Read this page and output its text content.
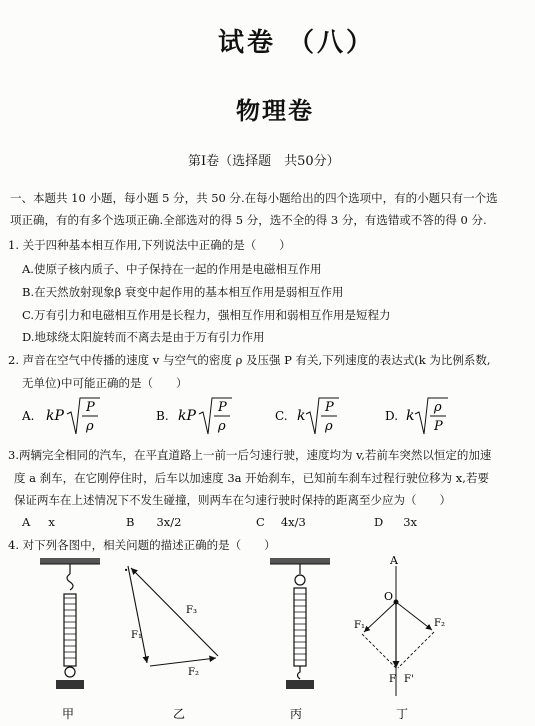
试卷 （八）
物理卷
第Ⅰ卷（选择题　共50分）
一、本题共 10 小题，每小题 5 分，共 50 分.在每小题给出的四个选项中，有的小题只有一个选
项正确，有的有多个选项正确.全部选对的得 5 分，选不全的得 3 分，有选错或不答的得 0 分.
1. 关于四种基本相互作用,下列说法中正确的是（　　）
A.使原子核内质子、中子保持在一起的作用是电磁相互作用
B.在天然放射现象β 衰变中起作用的基本相互作用是弱相互作用
C.万有引力和电磁相互作用是长程力，强相互作用和弱相互作用是短程力
D.地球绕太阳旋转而不离去是由于万有引力作用
2. 声音在空气中传播的速度 v 与空气的密度 ρ 及压强 P 有关,下列速度的表达式(k 为比例系数,
无单位)中可能正确的是（　　）
A. kP
P
ρ
B. kP
P
ρ
C. k
P
ρ
D. k
ρ
P
3.两辆完全相同的汽车，在平直道路上一前一后匀速行驶，速度均为 v,若前车突然以恒定的加速
度 a 刹车，在它刚停住时，后车以加速度 3a 开始刹车，已知前车刹车过程行驶位移为 x,若要
保证两车在上述情况下不发生碰撞，则两车在匀速行驶时保持的距离至少应为（　　）
A x	B 3x/2	C 4x/3	D 3x
4. 对下列各图中，相关问题的描述正确的是（　　）
甲
·
F₁
F₃
F₂
乙	丙
A
O
F₁	F₂
F F'
丁
